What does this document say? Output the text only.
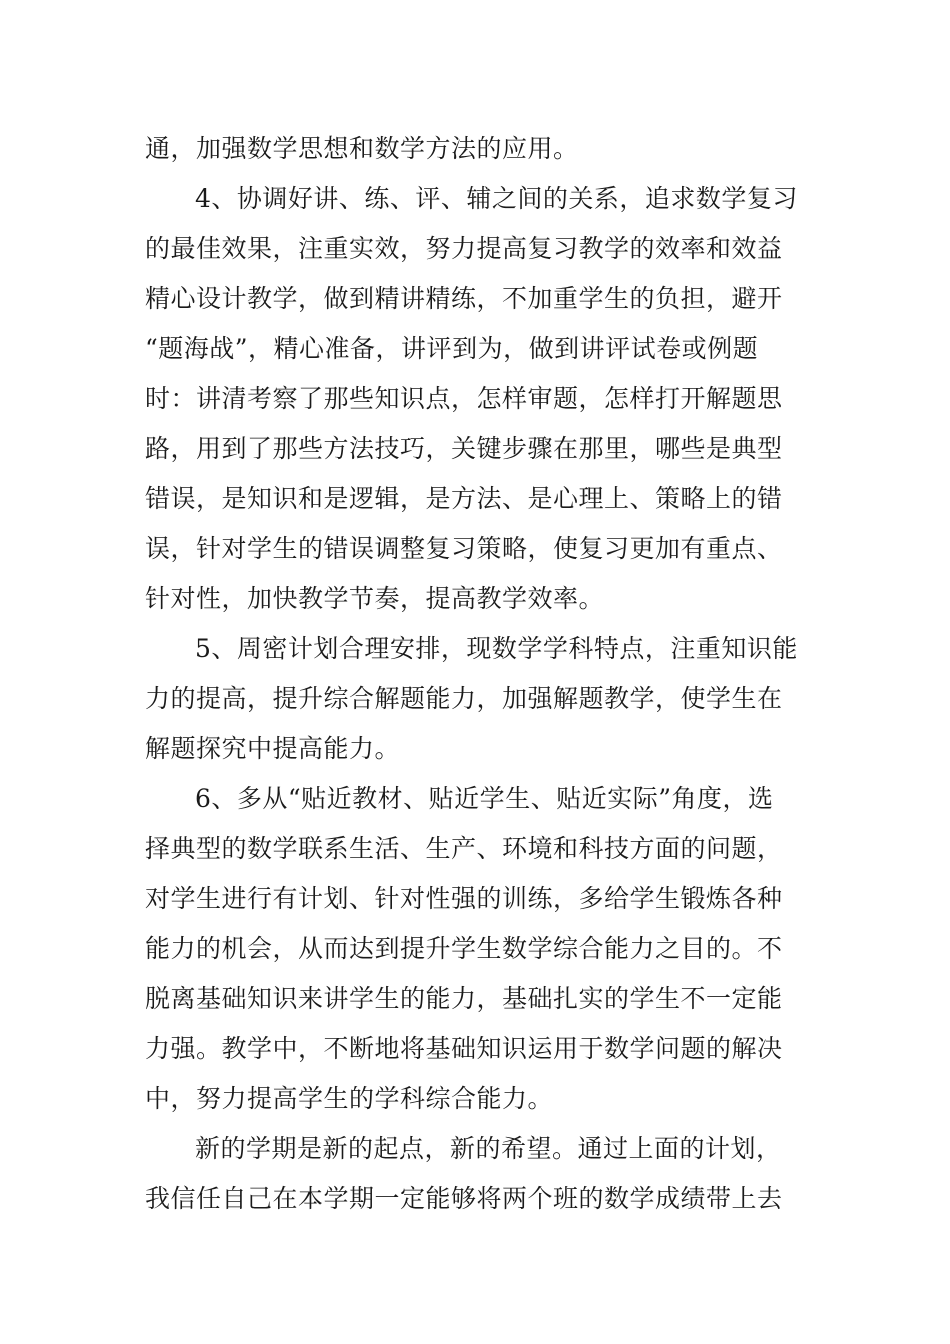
通，加强数学思想和数学方法的应用。
4、协调好讲、练、评、辅之间的关系，追求数学复习
的最佳效果，注重实效，努力提高复习教学的效率和效益
精心设计教学，做到精讲精练，不加重学生的负担，避开
“题海战”，精心准备，讲评到为，做到讲评试卷或例题
时：讲清考察了那些知识点，怎样审题，怎样打开解题思
路，用到了那些方法技巧，关键步骤在那里，哪些是典型
错误，是知识和是逻辑，是方法、是心理上、策略上的错
误，针对学生的错误调整复习策略，使复习更加有重点、
针对性，加快教学节奏，提高教学效率。
5、周密计划合理安排，现数学学科特点，注重知识能
力的提高，提升综合解题能力，加强解题教学，使学生在
解题探究中提高能力。
6、多从“贴近教材、贴近学生、贴近实际”角度，选
择典型的数学联系生活、生产、环境和科技方面的问题，
对学生进行有计划、针对性强的训练，多给学生锻炼各种
能力的机会，从而达到提升学生数学综合能力之目的。不
脱离基础知识来讲学生的能力，基础扎实的学生不一定能
力强。教学中，不断地将基础知识运用于数学问题的解决
中，努力提高学生的学科综合能力。
新的学期是新的起点，新的希望。通过上面的计划，
我信任自己在本学期一定能够将两个班的数学成绩带上去
